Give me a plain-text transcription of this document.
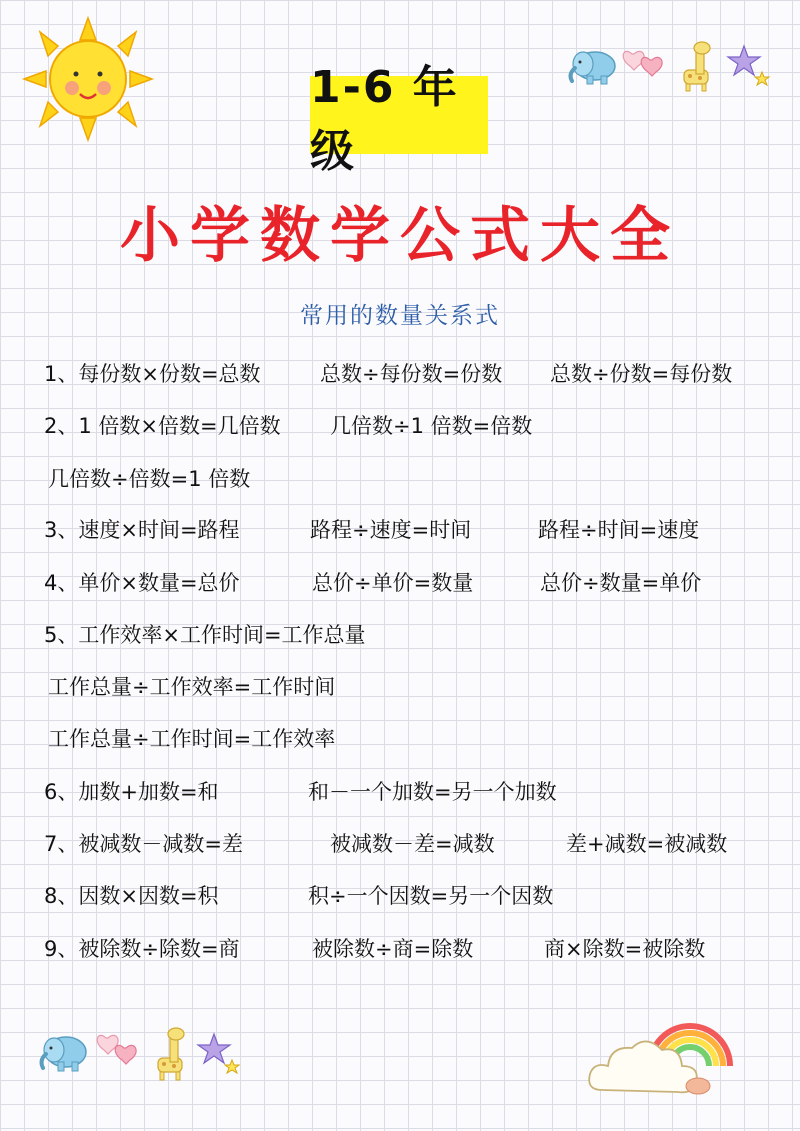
1-6 年级
小学数学公式大全
常用的数量关系式
1、每份数×份数=总数	总数÷每份数=份数 总数÷份数=每份数
2、1 倍数×倍数=几倍数 几倍数÷1 倍数=倍数
几倍数÷倍数=1 倍数
3、速度×时间=路程	路程÷速度=时间	路程÷时间=速度
4、单价×数量=总价	总价÷单价=数量	总价÷数量=单价
5、工作效率×工作时间=工作总量
工作总量÷工作效率=工作时间
工作总量÷工作时间=工作效率
6、加数+加数=和	和－一个加数=另一个加数
7、被减数－减数=差	被减数－差=减数	差+减数=被减数
8、因数×因数=积	积÷一个因数=另一个因数
9、被除数÷除数=商	被除数÷商=除数	商×除数=被除数
